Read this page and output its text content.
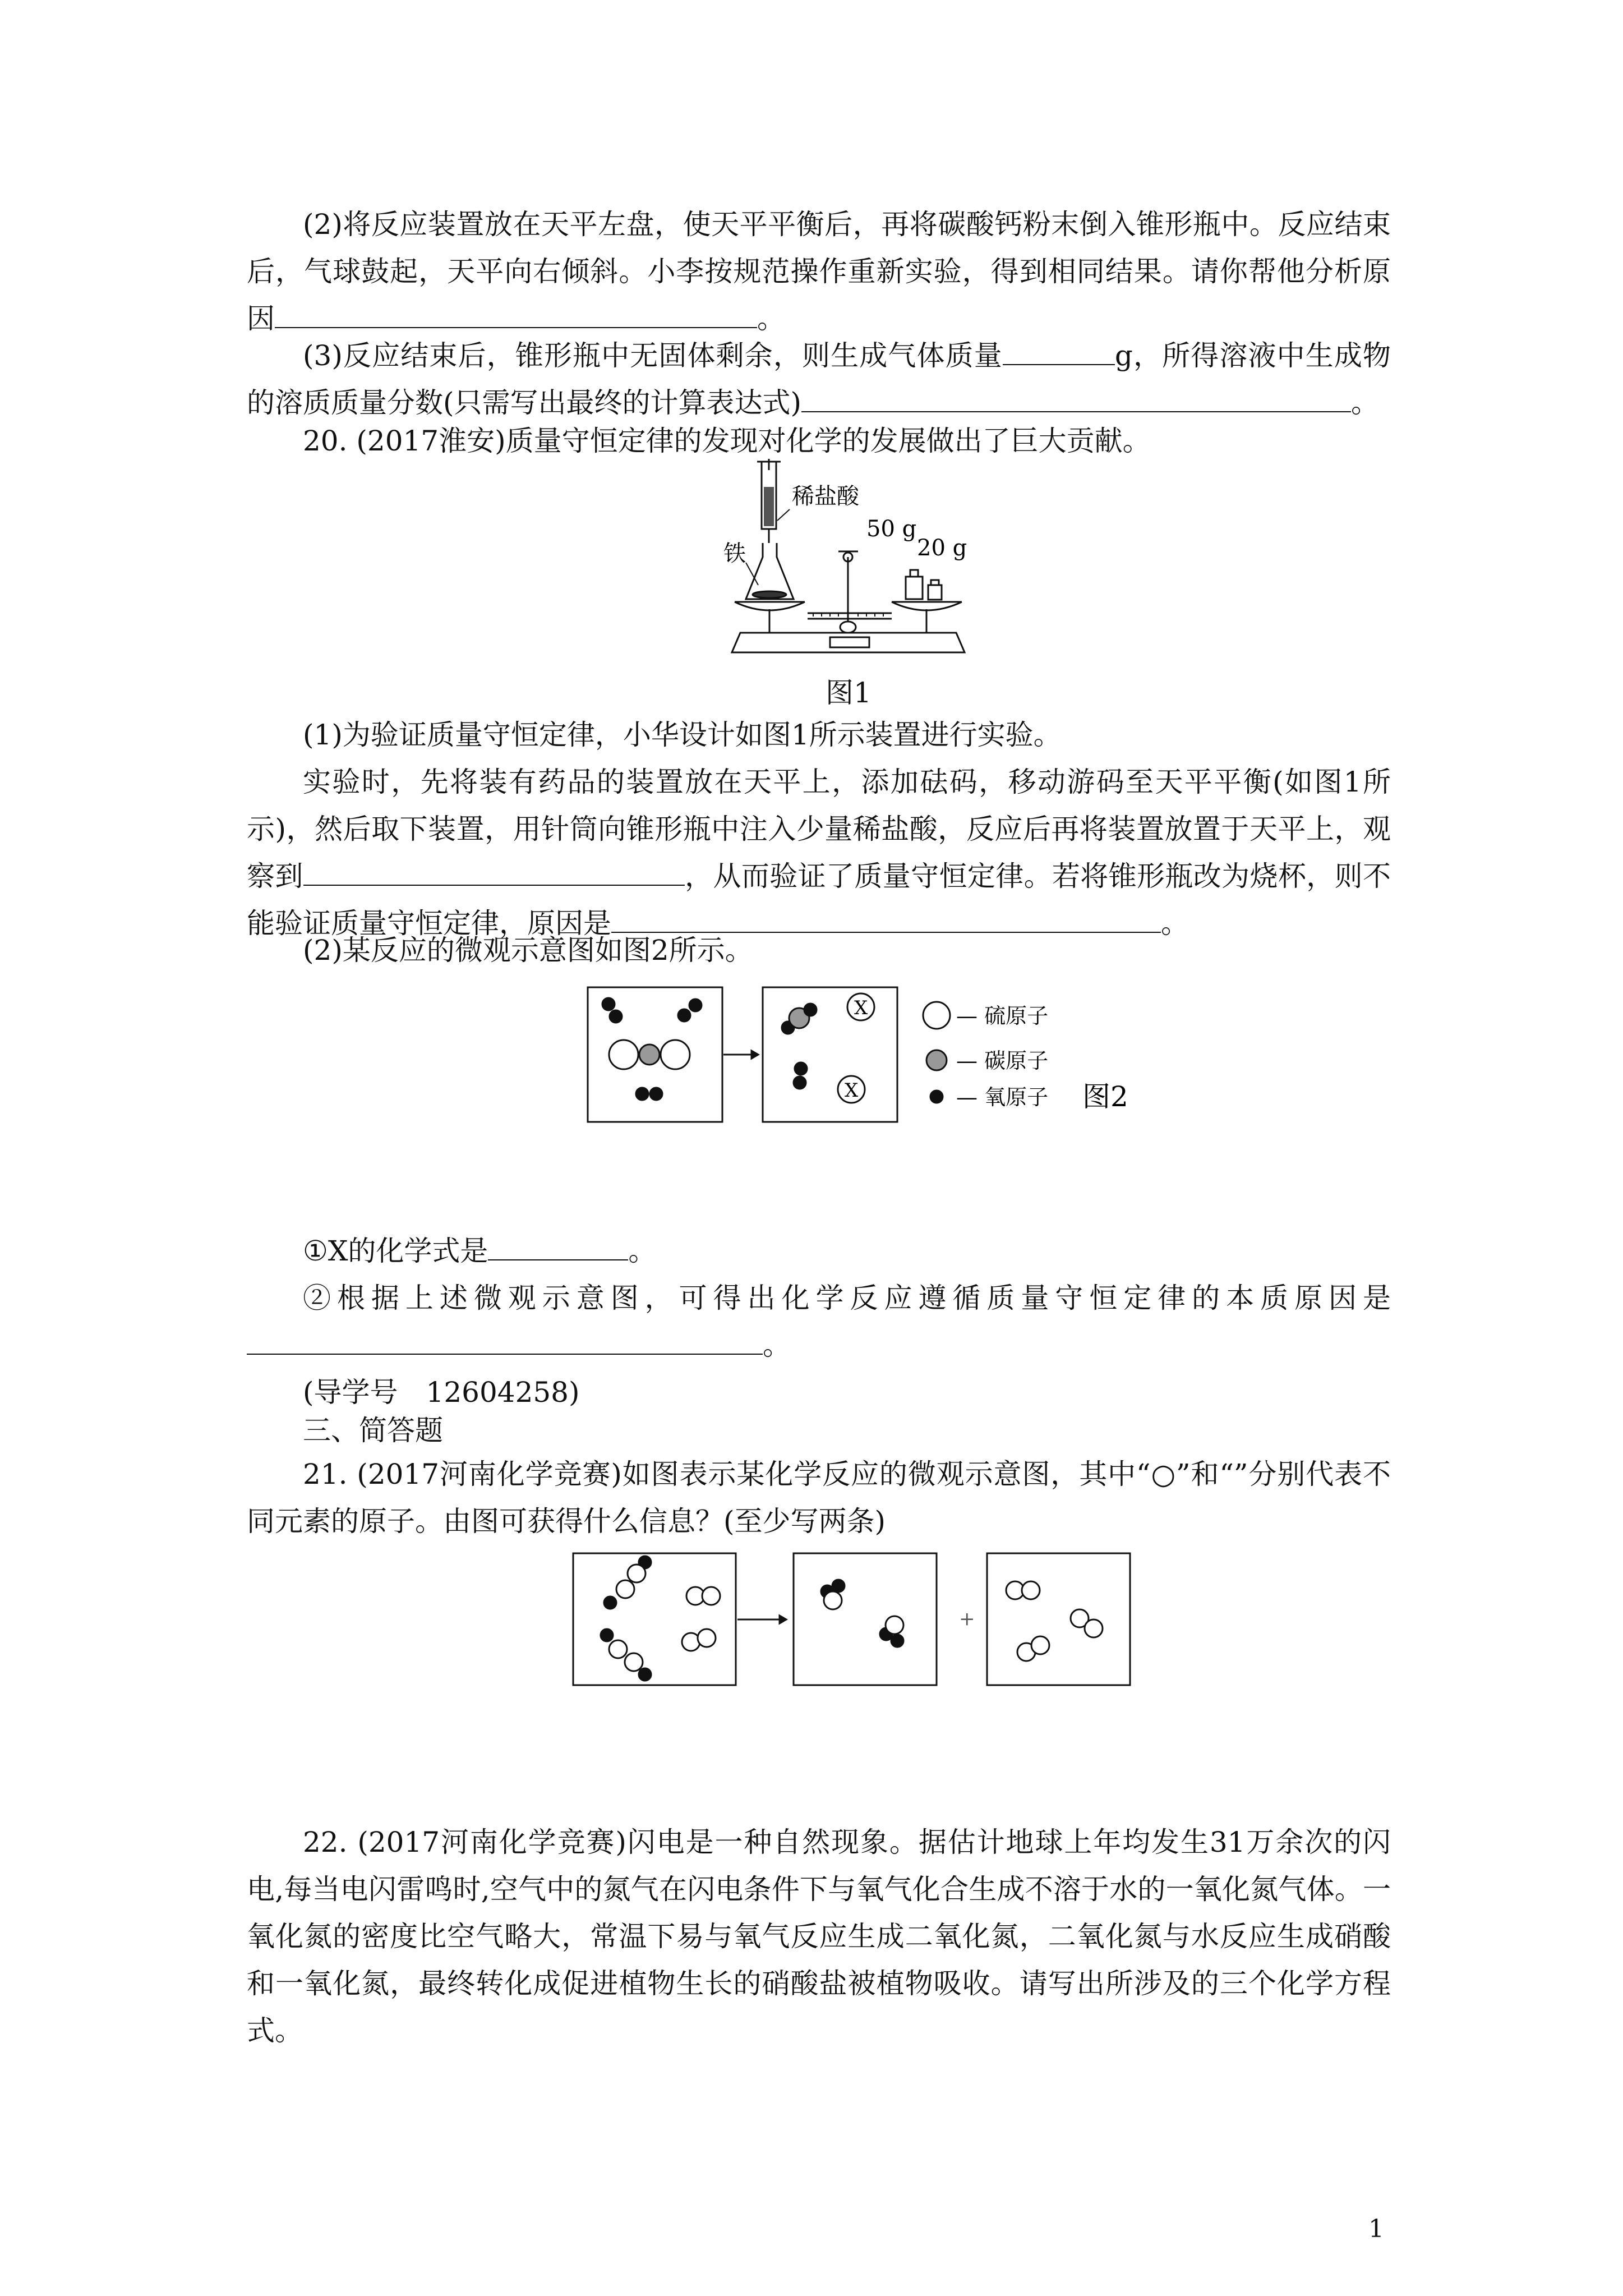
(2)将反应装置放在天平左盘，使天平平衡后，再将碳酸钙粉末倒入锥形瓶中。反应结束后，气球鼓起，天平向右倾斜。小李按规范操作重新实验，得到相同结果。请你帮他分析原因	。

(3)反应结束后，锥形瓶中无固体剩余，则生成气体质量	g，所得溶液中生成物的溶质质量分数(只需写出最终的计算表达式)	。

20. (2017淮安)质量守恒定律的发现对化学的发展做出了巨大贡献。

稀盐酸
铁
50 g
20 g
图1

(1)为验证质量守恒定律，小华设计如图1所示装置进行实验。

实验时，先将装有药品的装置放在天平上，添加砝码，移动游码至天平平衡(如图1所示)，然后取下装置，用针筒向锥形瓶中注入少量稀盐酸，反应后再将装置放置于天平上，观察到	，从而验证了质量守恒定律。若将锥形瓶改为烧杯，则不能验证质量守恒定律，原因是	。

(2)某反应的微观示意图如图2所示。

X
X
— 硫原子
— 碳原子
— 氧原子 图2

①X的化学式是	。

②根据上述微观示意图，可得出化学反应遵循质量守恒定律的本质原因是

。

(导学号　12604258)

三、简答题

21. (2017河南化学竞赛)如图表示某化学反应的微观示意图，其中“○”和“”分别代表不同元素的原子。由图可获得什么信息？(至少写两条)

+

22. (2017河南化学竞赛)闪电是一种自然现象。据估计地球上年均发生31万余次的闪电,每当电闪雷鸣时,空气中的氮气在闪电条件下与氧气化合生成不溶于水的一氧化氮气体。一氧化氮的密度比空气略大，常温下易与氧气反应生成二氧化氮，二氧化氮与水反应生成硝酸和一氧化氮，最终转化成促进植物生长的硝酸盐被植物吸收。请写出所涉及的三个化学方程式。

1
